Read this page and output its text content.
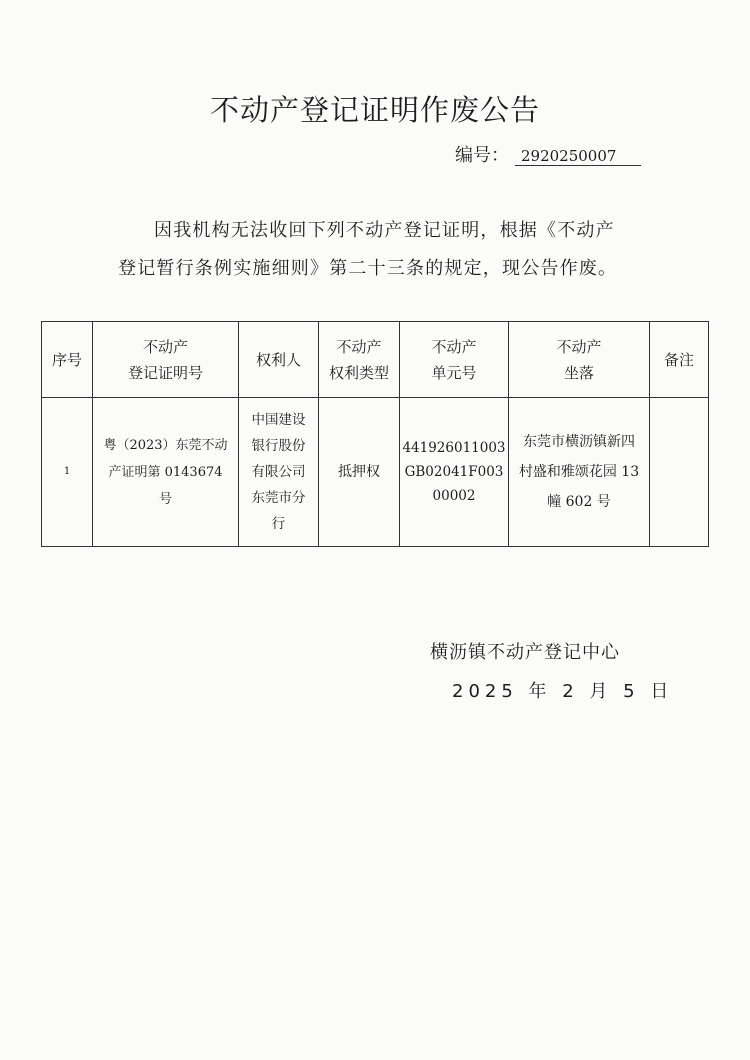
不动产登记证明作废公告
编号： 2920250007

因我机构无法收回下列不动产登记证明，根据《不动产

登记暂行条例实施细则》第二十三条的规定，现公告作废。

序号	不动产
登记证明号	权利人	不动产
权利类型	不动产
单元号	不动产
坐落	备注
1	粤（2023）东莞不动
产证明第 0143674
号	中国建设
银行股份
有限公司
东莞市分
行	抵押权	441926011003
GB02041F003
00002	东莞市横沥镇新四
村盛和雅颂花园 13
幢 602 号	

横沥镇不动产登记中心
2025 年 2 月 5 日
